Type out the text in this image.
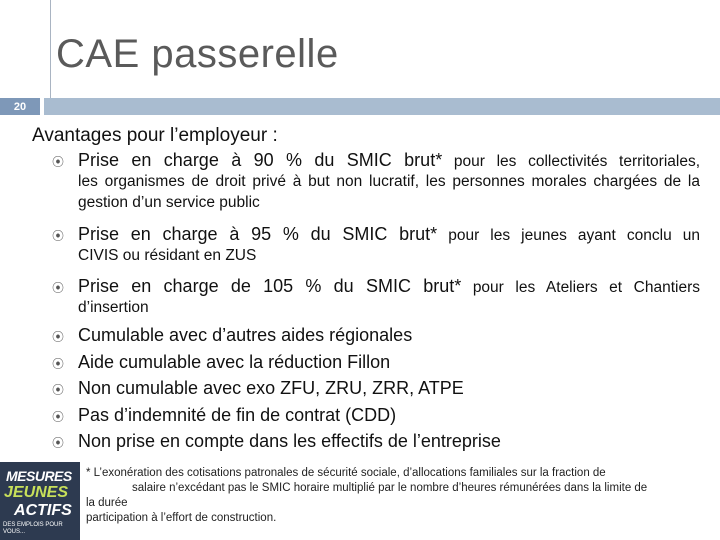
CAE passerelle
20
Avantages pour l’employeur :
⦿ Prise en charge à 90 % du SMIC brut* pour les collectivités territoriales,
les organismes de droit privé à but non lucratif, les personnes morales chargées de la gestion d’un service public
⦿ Prise en charge à 95 % du SMIC brut* pour les jeunes ayant conclu un
CIVIS ou résidant en ZUS
⦿ Prise en charge de 105 % du SMIC brut* pour les Ateliers et Chantiers
d’insertion
⦿ Cumulable avec d’autres aides régionales
⦿ Aide cumulable avec la réduction Fillon
⦿ Non cumulable avec exo ZFU, ZRU, ZRR, ATPE
⦿ Pas d’indemnité de fin de contrat (CDD)
⦿ Non prise en compte dans les effectifs de l’entreprise
* L’exonération des cotisations patronales de sécurité sociale, d’allocations familiales sur la fraction de
salaire n’excédant pas le SMIC horaire multiplié par le nombre d’heures rémunérées dans la limite de
la durée
participation à l’effort de construction.
MESURES
JEUNES
ACTIFS
DES EMPLOIS POUR VOUS...
